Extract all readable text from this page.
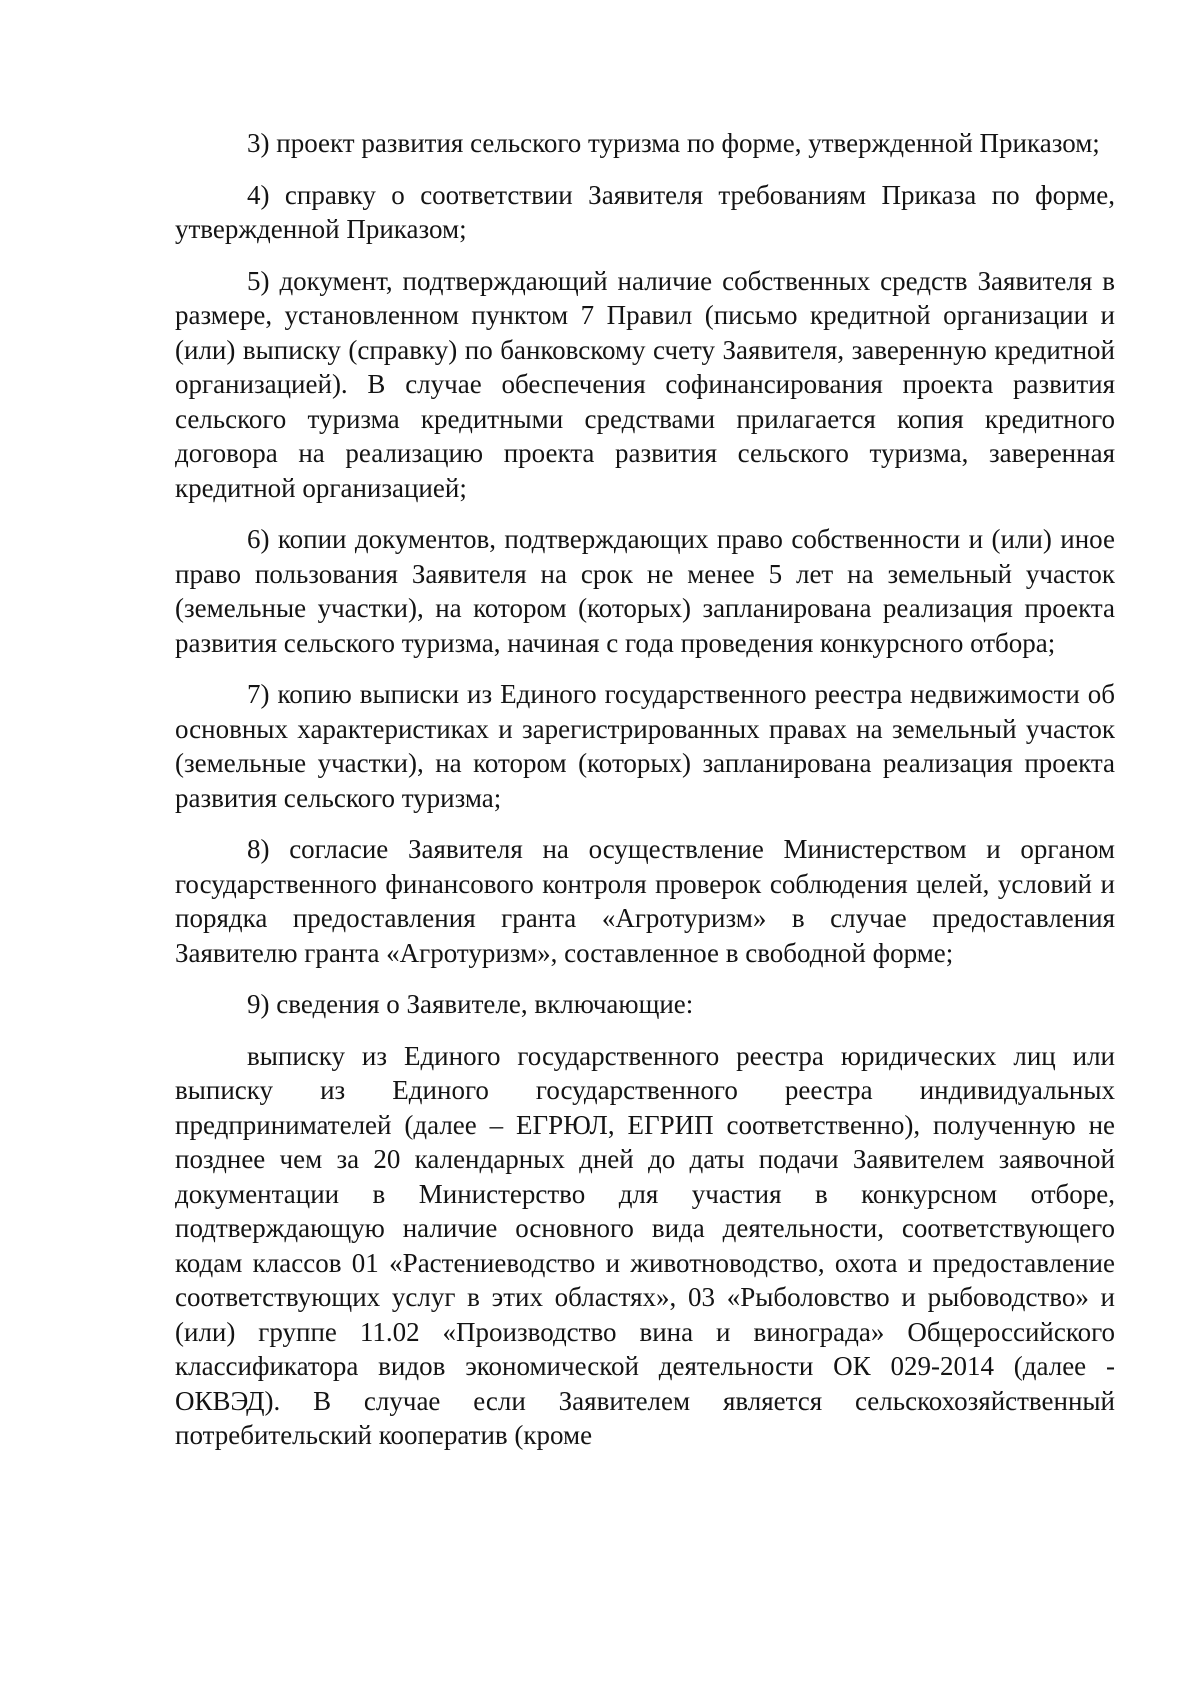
3) проект развития сельского туризма по форме, утвержденной Приказом;

4) справку о соответствии Заявителя требованиям Приказа по форме, утвержденной Приказом;

5) документ, подтверждающий наличие собственных средств Заявителя в размере, установленном пунктом 7 Правил (письмо кредитной организации и (или) выписку (справку) по банковскому счету Заявителя, заверенную кредитной организацией). В случае обеспечения софинансирования проекта развития сельского туризма кредитными средствами прилагается копия кредитного договора на реализацию проекта развития сельского туризма, заверенная кредитной организацией;

6) копии документов, подтверждающих право собственности и (или) иное право пользования Заявителя на срок не менее 5 лет на земельный участок (земельные участки), на котором (которых) запланирована реализация проекта развития сельского туризма, начиная с года проведения конкурсного отбора;

7) копию выписки из Единого государственного реестра недвижимости об основных характеристиках и зарегистрированных правах на земельный участок (земельные участки), на котором (которых) запланирована реализация проекта развития сельского туризма;

8) согласие Заявителя на осуществление Министерством и органом государственного финансового контроля проверок соблюдения целей, условий и порядка предоставления гранта «Агротуризм» в случае предоставления Заявителю гранта «Агротуризм», составленное в свободной форме;

9) сведения о Заявителе, включающие:

выписку из Единого государственного реестра юридических лиц или выписку из Единого государственного реестра индивидуальных предпринимателей (далее – ЕГРЮЛ, ЕГРИП соответственно), полученную не позднее чем за 20 календарных дней до даты подачи Заявителем заявочной документации в Министерство для участия в конкурсном отборе, подтверждающую наличие основного вида деятельности, соответствующего кодам классов 01 «Растениеводство и животноводство, охота и предоставление соответствующих услуг в этих областях», 03 «Рыболовство и рыбоводство» и (или) группе 11.02 «Производство вина и винограда» Общероссийского классификатора видов экономической деятельности ОК 029-2014 (далее - ОКВЭД). В случае если Заявителем является сельскохозяйственный потребительский кооператив (кроме
